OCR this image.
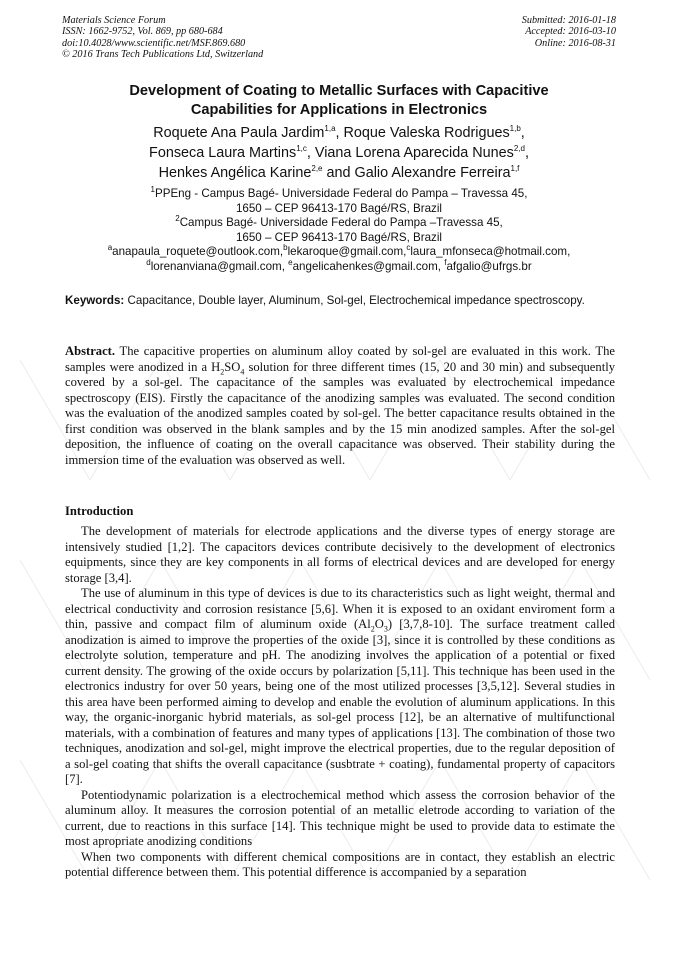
Materials Science Forum
ISSN: 1662-9752, Vol. 869, pp 680-684
doi:10.4028/www.scientific.net/MSF.869.680
© 2016 Trans Tech Publications Ltd, Switzerland
Submitted: 2016-01-18
Accepted: 2016-03-10
Online: 2016-08-31
Development of Coating to Metallic Surfaces with Capacitive
Capabilities for Applications in Electronics
Roquete Ana Paula Jardim$^{1,a}$, Roque Valeska Rodrigues$^{1,b}$,
Fonseca Laura Martins$^{1,c}$, Viana Lorena Aparecida Nunes$^{2,d}$,
Henkes Angélica Karine$^{2,e}$ and Galio Alexandre Ferreira$^{1,f}$
$^1$PPEng - Campus Bagé- Universidade Federal do Pampa – Travessa 45,
1650 – CEP 96413-170 Bagé/RS, Brazil
$^2$Campus Bagé- Universidade Federal do Pampa –Travessa 45,
1650 – CEP 96413-170 Bagé/RS, Brazil
$^a$anapaula_roquete@outlook.com,$^b$lekaroque@gmail.com,$^c$laura_mfonseca@hotmail.com,
$^d$lorenanviana@gmail.com, $^e$angelicahenkes@gmail.com, $^f$afgalio@ufrgs.br
Keywords: Capacitance, Double layer, Aluminum, Sol-gel, Electrochemical impedance spectroscopy.
Abstract. The capacitive properties on aluminum alloy coated by sol-gel are evaluated in this work. The samples were anodized in a $H_2SO_4$ solution for three different times (15, 20 and 30 min) and subsequently covered by a sol-gel. The capacitance of the samples was evaluated by electrochemical impedance spectroscopy (EIS). Firstly the capacitance of the anodizing samples was evaluated. The second condition was the evaluation of the anodized samples coated by sol-gel. The better capacitance results obtained in the first condition was observed in the blank samples and by the 15 min anodized samples. After the sol-gel deposition, the influence of coating on the overall capacitance was observed. Their stability during the immersion time of the evaluation was observed as well.
Introduction

The development of materials for electrode applications and the diverse types of energy storage are intensively studied [1,2]. The capacitors devices contribute decisively to the development of electronics equipments, since they are key components in all forms of electrical devices and are developed for energy storage [3,4].

The use of aluminum in this type of devices is due to its characteristics such as light weight, thermal and electrical conductivity and corrosion resistance [5,6]. When it is exposed to an oxidant enviroment form a thin, passive and compact film of aluminum oxide $(Al_2O_3)$ [3,7,8-10]. The surface treatment called anodization is aimed to improve the properties of the oxide [3], since it is controlled by these conditions as electrolyte solution, temperature and pH. The anodizing involves the application of a potential or fixed current density. The growing of the oxide occurs by polarization [5,11]. This technique has been used in the electronics industry for over 50 years, being one of the most utilized processes [3,5,12]. Several studies in this area have been performed aiming to develop and enable the evolution of aluminum applications. In this way, the organic-inorganic hybrid materials, as sol-gel process [12], be an alternative of multifunctional materials, with a combination of features and many types of applications [13]. The combination of those two techniques, anodization and sol-gel, might improve the electrical properties, due to the regular deposition of a sol-gel coating that shifts the overall capacitance (susbtrate + coating), fundamental property of capacitors [7].

Potentiodynamic polarization is a electrochemical method which assess the corrosion behavior of the aluminum alloy. It measures the corrosion potential of an metallic eletrode according to variation of the current, due to reactions in this surface [14]. This technique might be used to provide data to estimate the most apropriate anodizing conditions

When two components with different chemical compositions are in contact, they establish an electric potential difference between them. This potential difference is accompanied by a separation
